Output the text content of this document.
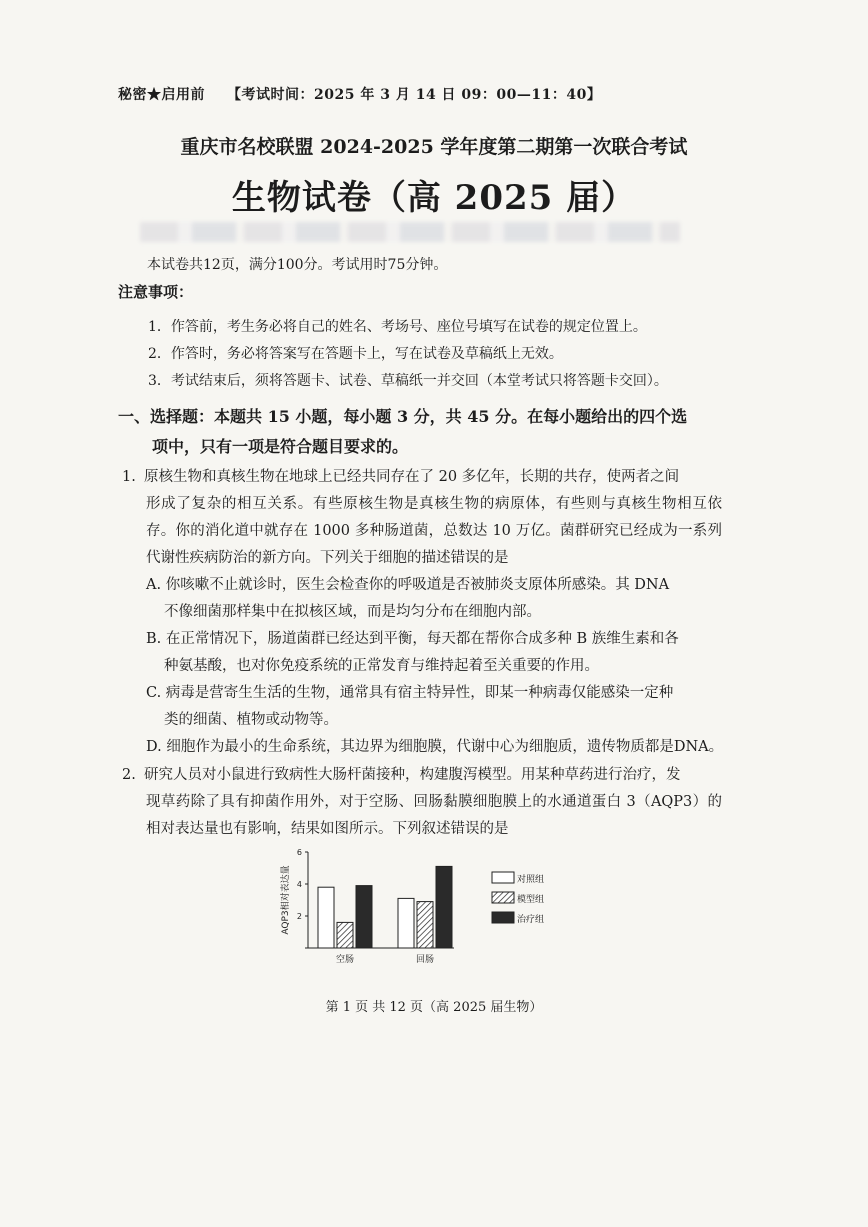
秘密★启用前 【考试时间：2025 年 3 月 14 日 09：00—11：40】
重庆市名校联盟 2024-2025 学年度第二期第一次联合考试
生物试卷（高 2025 届）
本试卷共12页，满分100分。考试用时75分钟。
注意事项：
1．作答前，考生务必将自己的姓名、考场号、座位号填写在试卷的规定位置上。
2．作答时，务必将答案写在答题卡上，写在试卷及草稿纸上无效。
3．考试结束后，须将答题卡、试卷、草稿纸一并交回（本堂考试只将答题卡交回）。
一、选择题：本题共 15 小题，每小题 3 分，共 45 分。在每小题给出的四个选
项中，只有一项是符合题目要求的。
1. 原核生物和真核生物在地球上已经共同存在了 20 多亿年，长期的共存，使两者之间
形成了复杂的相互关系。有些原核生物是真核生物的病原体，有些则与真核生物相互依存。你的消化道中就存在 1000 多种肠道菌，总数达 10 万亿。菌群研究已经成为一系列代谢性疾病防治的新方向。下列关于细胞的描述错误的是
A. 你咳嗽不止就诊时，医生会检查你的呼吸道是否被肺炎支原体所感染。其 DNA
不像细菌那样集中在拟核区域，而是均匀分布在细胞内部。
B. 在正常情况下，肠道菌群已经达到平衡，每天都在帮你合成多种 B 族维生素和各
种氨基酸，也对你免疫系统的正常发育与维持起着至关重要的作用。
C. 病毒是营寄生生活的生物，通常具有宿主特异性，即某一种病毒仅能感染一定种
类的细菌、植物或动物等。
D. 细胞作为最小的生命系统，其边界为细胞膜，代谢中心为细胞质，遗传物质都是DNA。
2. 研究人员对小鼠进行致病性大肠杆菌接种，构建腹泻模型。用某种草药进行治疗，发
现草药除了具有抑菌作用外，对于空肠、回肠黏膜细胞膜上的水通道蛋白 3（AQP3）的相对表达量也有影响，结果如图所示。下列叙述错误的是
2
4
6
AQP3相对表达量
空肠	回肠
对照组
模型组
治疗组
第 1 页 共 12 页（高 2025 届生物）
